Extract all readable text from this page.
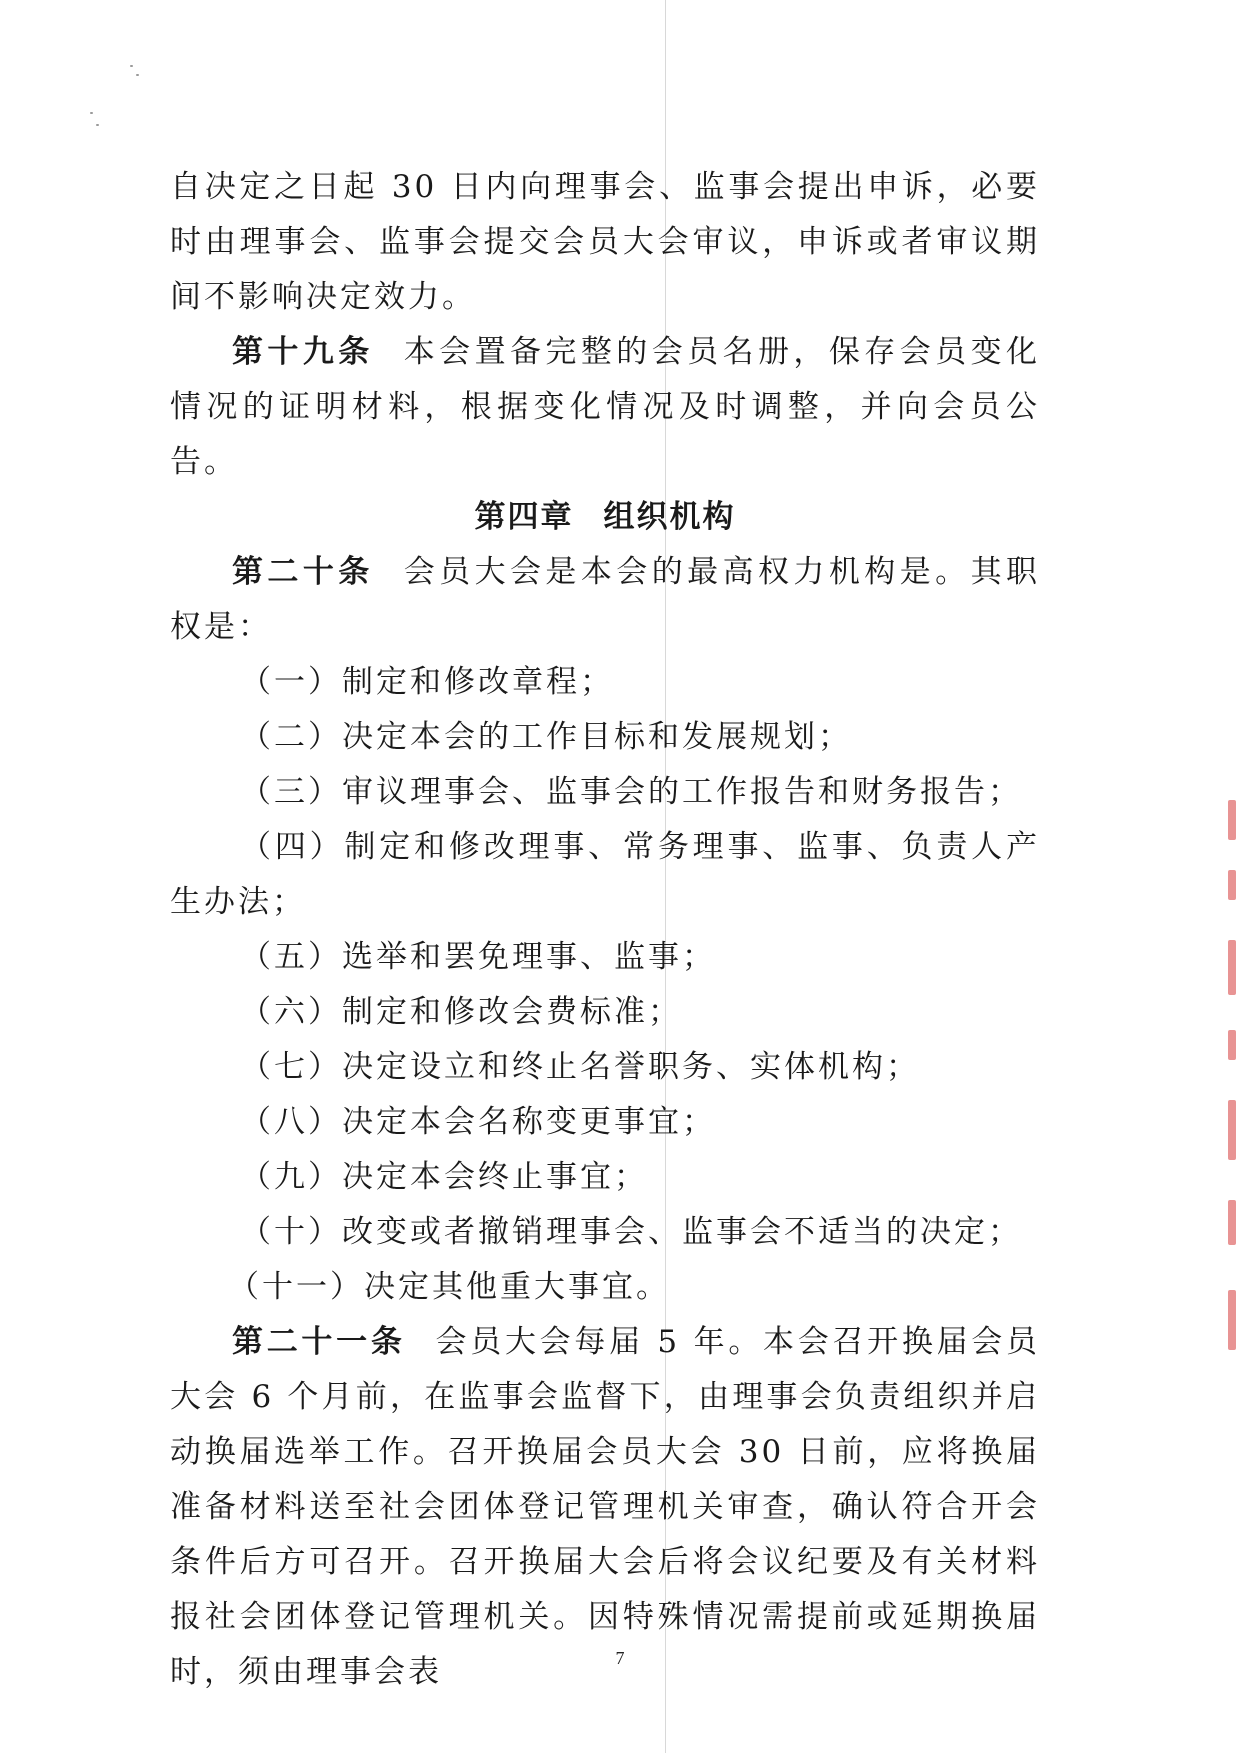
自决定之日起 30 日内向理事会、监事会提出申诉，必要时由理事会、监事会提交会员大会审议，申诉或者审议期间不影响决定效力。

第十九条 本会置备完整的会员名册，保存会员变化情况的证明材料，根据变化情况及时调整，并向会员公告。

第四章 组织机构

第二十条 会员大会是本会的最高权力机构是。其职权是：

（一）制定和修改章程；

（二）决定本会的工作目标和发展规划；

（三）审议理事会、监事会的工作报告和财务报告；

（四）制定和修改理事、常务理事、监事、负责人产生办法；

（五）选举和罢免理事、监事；

（六）制定和修改会费标准；

（七）决定设立和终止名誉职务、实体机构；

（八）决定本会名称变更事宜；

（九）决定本会终止事宜；

（十）改变或者撤销理事会、监事会不适当的决定；

（十一）决定其他重大事宜。

第二十一条 会员大会每届 5 年。本会召开换届会员大会 6 个月前，在监事会监督下，由理事会负责组织并启动换届选举工作。召开换届会员大会 30 日前，应将换届准备材料送至社会团体登记管理机关审查，确认符合开会条件后方可召开。召开换届大会后将会议纪要及有关材料报社会团体登记管理机关。因特殊情况需提前或延期换届时，须由理事会表	7
